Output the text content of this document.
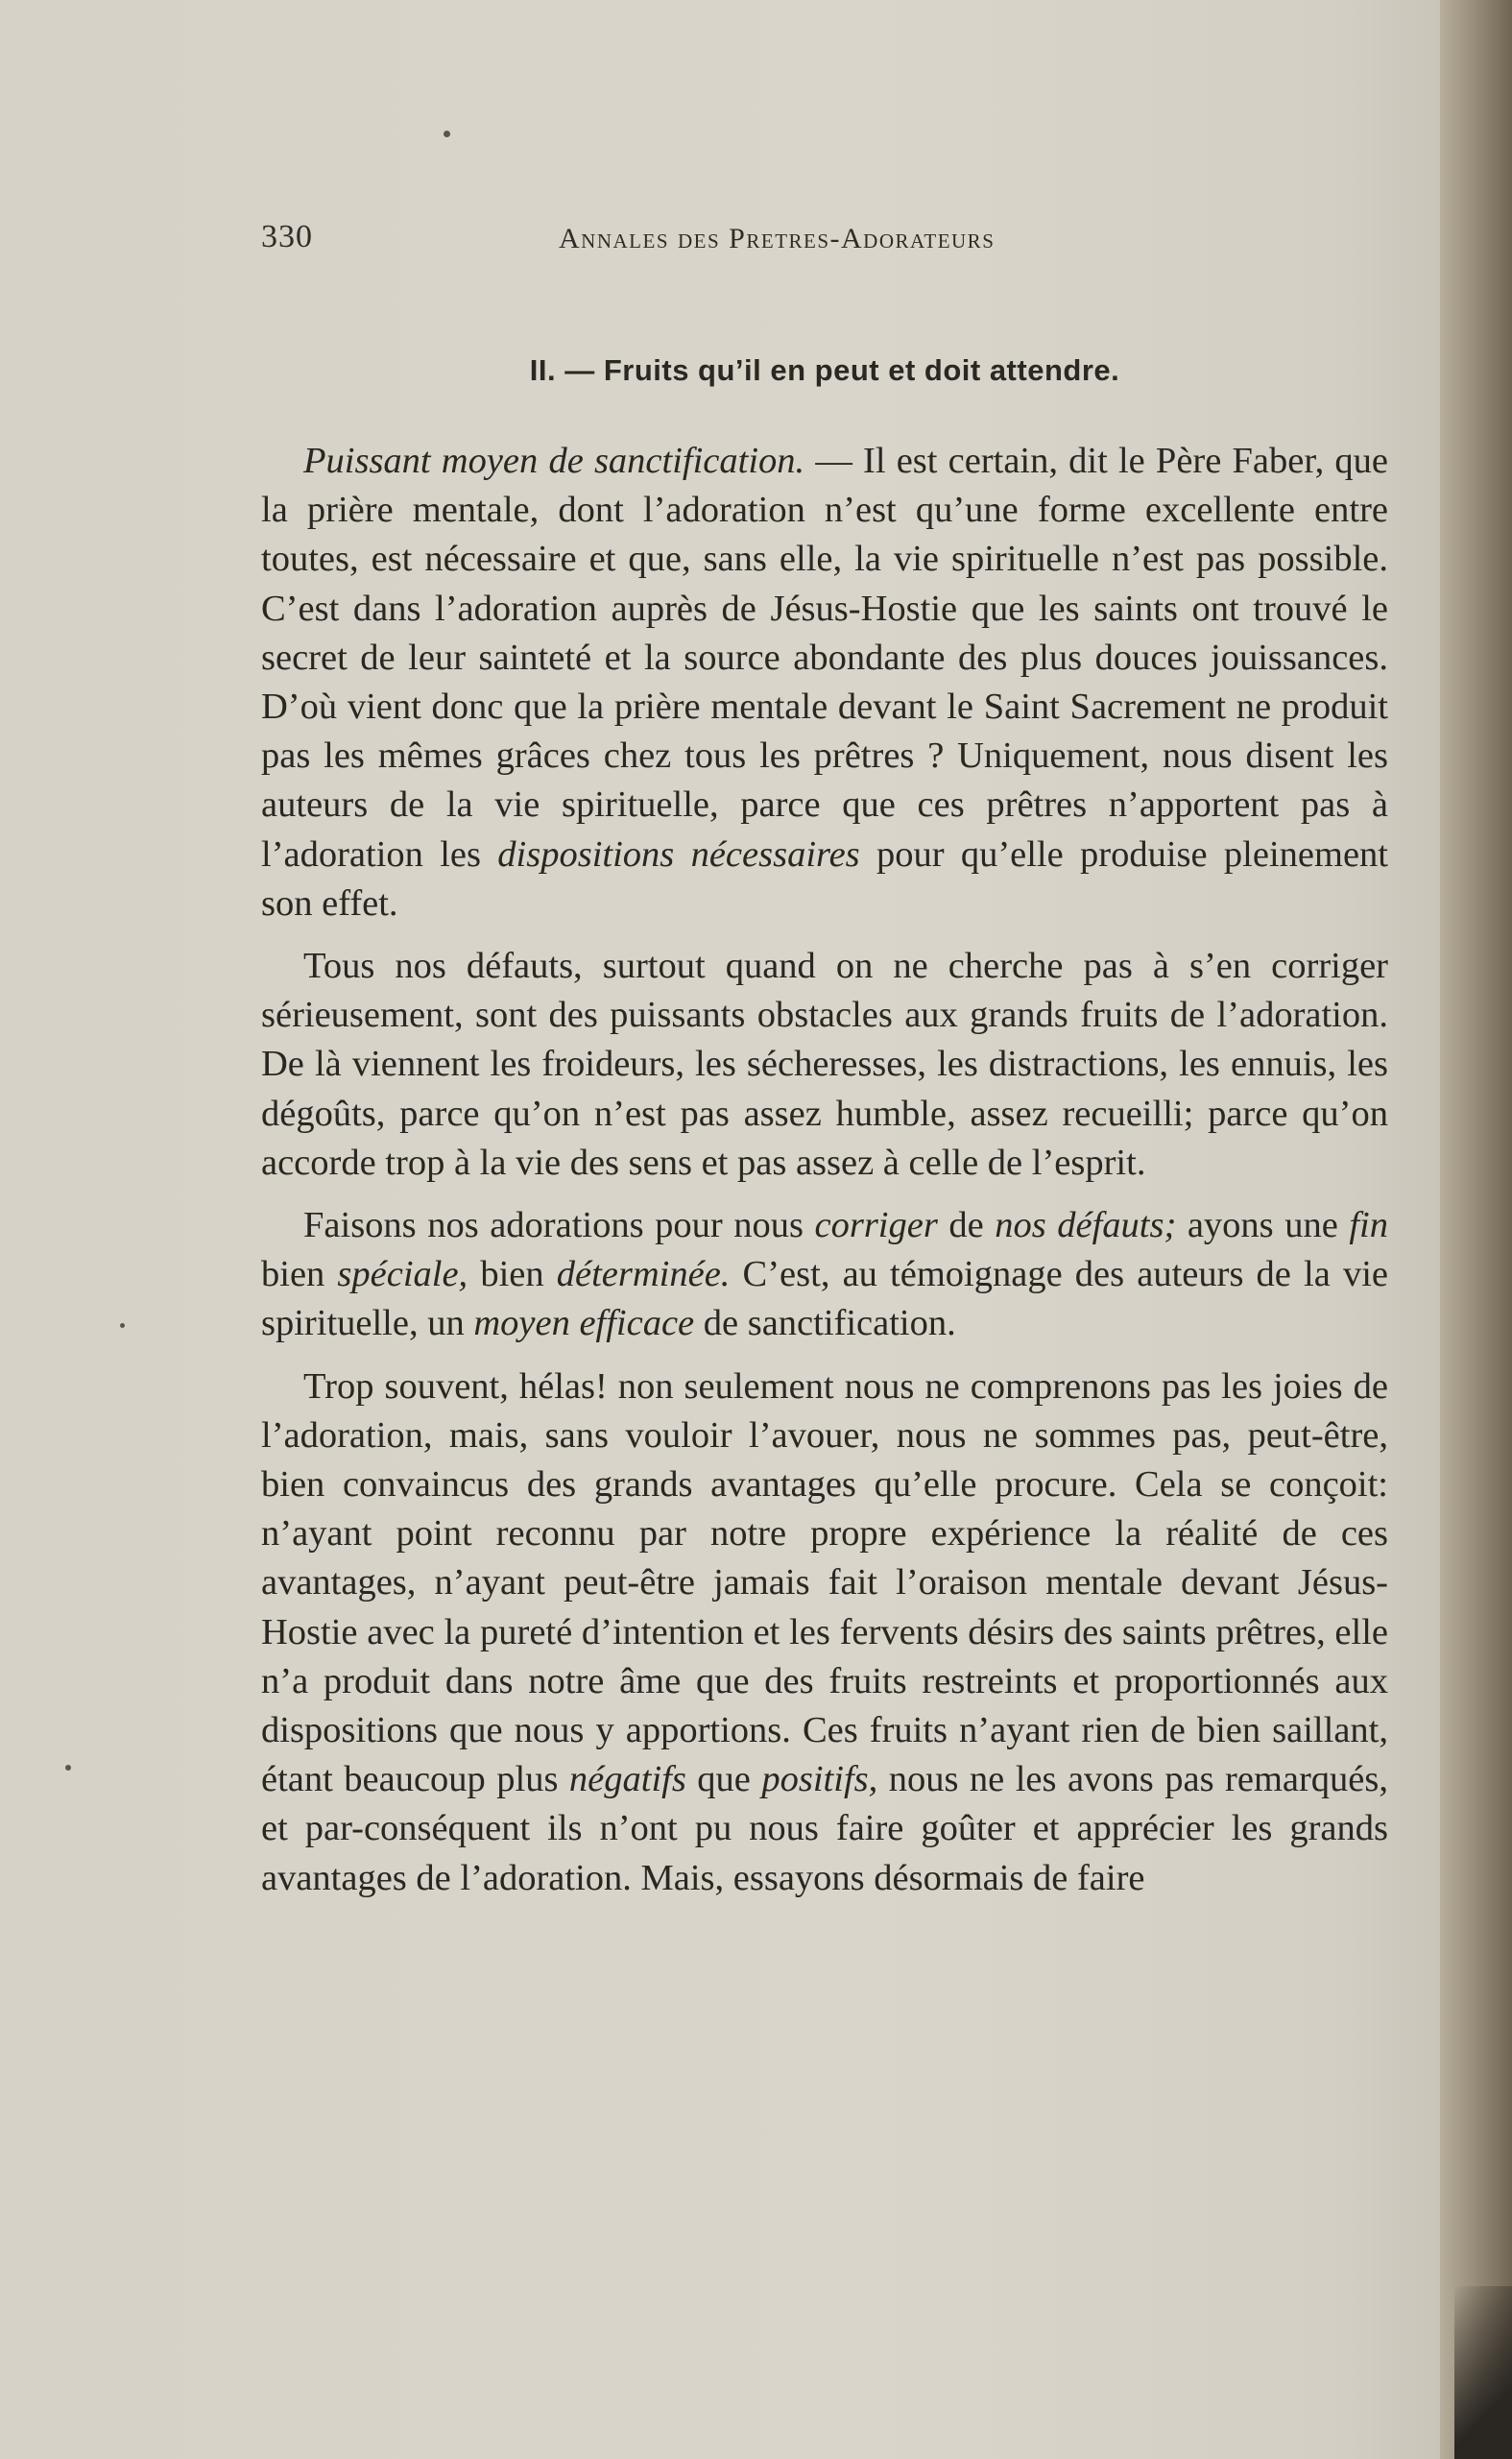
330	Annales des Pretres-Adorateurs
II. — Fruits qu’il en peut et doit attendre.

Puissant moyen de sanctification. — Il est certain, dit le Père Faber, que la prière mentale, dont l’adoration n’est qu’une forme excellente entre toutes, est nécessaire et que, sans elle, la vie spirituelle n’est pas possible. C’est dans l’adoration auprès de Jésus-Hostie que les saints ont trouvé le secret de leur sainteté et la source abondante des plus douces jouissances. D’où vient donc que la prière mentale devant le Saint Sacrement ne produit pas les mêmes grâces chez tous les prêtres ? Uniquement, nous disent les auteurs de la vie spirituelle, parce que ces prêtres n’apportent pas à l’adoration les dispositions nécessaires pour qu’elle produise pleinement son effet.

Tous nos défauts, surtout quand on ne cherche pas à s’en corriger sérieusement, sont des puissants obstacles aux grands fruits de l’adoration. De là viennent les froideurs, les sécheresses, les distractions, les ennuis, les dégoûts, parce qu’on n’est pas assez humble, assez recueilli; parce qu’on accorde trop à la vie des sens et pas assez à celle de l’esprit.

Faisons nos adorations pour nous corriger de nos défauts; ayons une fin bien spéciale, bien déterminée. C’est, au témoignage des auteurs de la vie spirituelle, un moyen efficace de sanctification.

Trop souvent, hélas! non seulement nous ne comprenons pas les joies de l’adoration, mais, sans vouloir l’avouer, nous ne sommes pas, peut-être, bien convaincus des grands avantages qu’elle procure. Cela se conçoit: n’ayant point reconnu par notre propre expérience la réalité de ces avantages, n’ayant peut-être jamais fait l’oraison mentale devant Jésus-Hostie avec la pureté d’intention et les fervents désirs des saints prêtres, elle n’a produit dans notre âme que des fruits restreints et proportionnés aux dispositions que nous y apportions. Ces fruits n’ayant rien de bien saillant, étant beaucoup plus négatifs que positifs, nous ne les avons pas remarqués, et par-conséquent ils n’ont pu nous faire goûter et apprécier les grands avantages de l’adoration. Mais, essayons désormais de faire
